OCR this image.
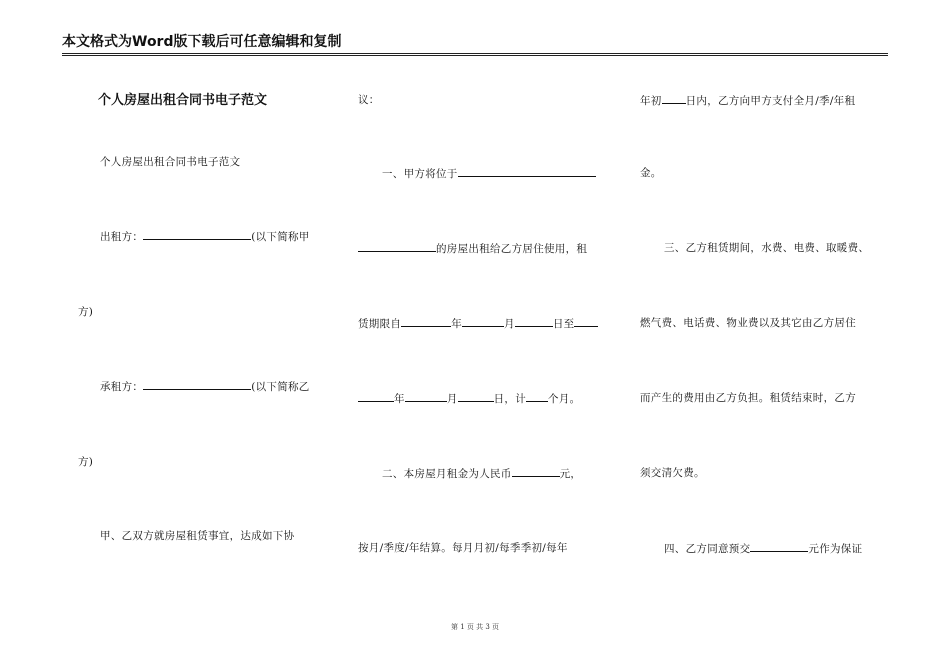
本文格式为Word版下载后可任意编辑和复制
个人房屋出租合同书电子范文
个人房屋出租合同书电子范文
出租方：	(以下简称甲
方)
承租方：	(以下简称乙
方)
甲、乙双方就房屋租赁事宜，达成如下协
议：
一、甲方将位于
的房屋出租给乙方居住使用，租
赁期限自	年	月	日至
年	月	日，计 个月。
二、本房屋月租金为人民币	元，
按月/季度/年结算。每月月初/每季季初/每年
年初 日内，乙方向甲方支付全月/季/年租
金。
三、乙方租赁期间，水费、电费、取暖费、
燃气费、电话费、物业费以及其它由乙方居住
而产生的费用由乙方负担。租赁结束时，乙方
须交清欠费。
四、乙方同意预交	元作为保证
第 1 页 共 3 页
